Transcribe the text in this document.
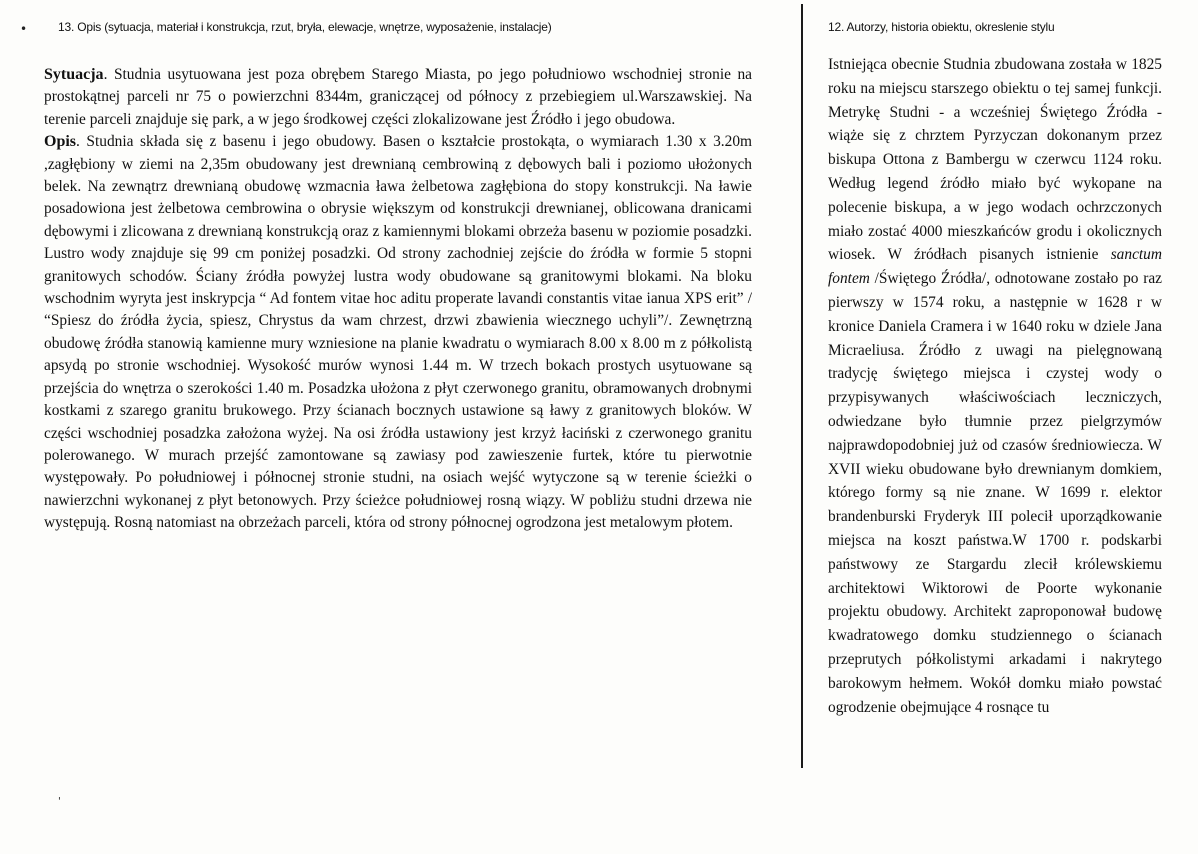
•
'
13. Opis (sytuacja, materiał i konstrukcja, rzut, bryła, elewacje, wnętrze, wyposażenie, instalacje)

Sytuacja. Studnia usytuowana jest poza obrębem Starego Miasta, po jego południowo wschodniej stronie na prostokątnej parceli nr 75 o powierzchni 8344m, graniczącej od północy z przebiegiem ul.Warszawskiej. Na terenie parceli znajduje się park, a w jego środkowej części zlokalizowane jest Źródło i jego obudowa.

Opis. Studnia składa się z basenu i jego obudowy. Basen o kształcie prostokąta, o wymiarach 1.30 x 3.20m ,zagłębiony w ziemi na 2,35m obudowany jest drewnianą cembrowiną z dębowych bali i poziomo ułożonych belek. Na zewnątrz drewnianą obudowę wzmacnia ława żelbetowa zagłębiona do stopy konstrukcji. Na ławie posadowiona jest żelbetowa cembrowina o obrysie większym od konstrukcji drewnianej, oblicowana dranicami dębowymi i zlicowana z drewnianą konstrukcją oraz z kamiennymi blokami obrzeża basenu w poziomie posadzki. Lustro wody znajduje się 99 cm poniżej posadzki. Od strony zachodniej zejście do źródła w formie 5 stopni granitowych schodów. Ściany źródła powyżej lustra wody obudowane są granitowymi blokami. Na bloku wschodnim wyryta jest inskrypcja “ Ad fontem vitae hoc aditu properate lavandi constantis vitae ianua XPS erit” / “Spiesz do źródła życia, spiesz, Chrystus da wam chrzest, drzwi zbawienia wiecznego uchyli”/. Zewnętrzną obudowę źródła stanowią kamienne mury wzniesione na planie kwadratu o wymiarach 8.00 x 8.00 m z półkolistą apsydą po stronie wschodniej. Wysokość murów wynosi 1.44 m. W trzech bokach prostych usytuowane są przejścia do wnętrza o szerokości 1.40 m. Posadzka ułożona z płyt czerwonego granitu, obramowanych drobnymi kostkami z szarego granitu brukowego. Przy ścianach bocznych ustawione są ławy z granitowych bloków. W części wschodniej posadzka założona wyżej. Na osi źródła ustawiony jest krzyż łaciński z czerwonego granitu polerowanego. W murach przejść zamontowane są zawiasy pod zawieszenie furtek, które tu pierwotnie występowały. Po południowej i północnej stronie studni, na osiach wejść wytyczone są w terenie ścieżki o nawierzchni wykonanej z płyt betonowych. Przy ścieżce południowej rosną wiązy. W pobliżu studni drzewa nie występują. Rosną natomiast na obrzeżach parceli, która od strony północnej ogrodzona jest metalowym płotem.

12. Autorzy, historia obiektu, okreslenie stylu

Istniejąca obecnie Studnia zbudowana została w 1825 roku na miejscu starszego obiektu o tej samej funkcji. Metrykę Studni - a wcześniej Świętego Źródła - wiąże się z chrztem Pyrzyczan dokonanym przez biskupa Ottona z Bambergu w czerwcu 1124 roku. Według legend źródło miało być wykopane na polecenie biskupa, a w jego wodach ochrzczonych miało zostać 4000 mieszkańców grodu i okolicznych wiosek. W źródłach pisanych istnienie sanctum fontem /Świętego Źródła/, odnotowane zostało po raz pierwszy w 1574 roku, a następnie w 1628 r w kronice Daniela Cramera i w 1640 roku w dziele Jana Micraeliusa. Źródło z uwagi na pielęgnowaną tradycję świętego miejsca i czystej wody o przypisywanych właściwościach leczniczych, odwiedzane było tłumnie przez pielgrzymów najprawdopodobniej już od czasów średniowiecza. W XVII wieku obudowane było drewnianym domkiem, którego formy są nie znane. W 1699 r. elektor brandenburski Fryderyk III polecił uporządkowanie miejsca na koszt państwa.W 1700 r. podskarbi państwowy ze Stargardu zlecił królewskiemu architektowi Wiktorowi de Poorte wykonanie projektu obudowy. Architekt zaproponował budowę kwadratowego domku studziennego o ścianach przeprutych półkolistymi arkadami i nakrytego barokowym hełmem. Wokół domku miało powstać ogrodzenie obejmujące 4 rosnące tu
